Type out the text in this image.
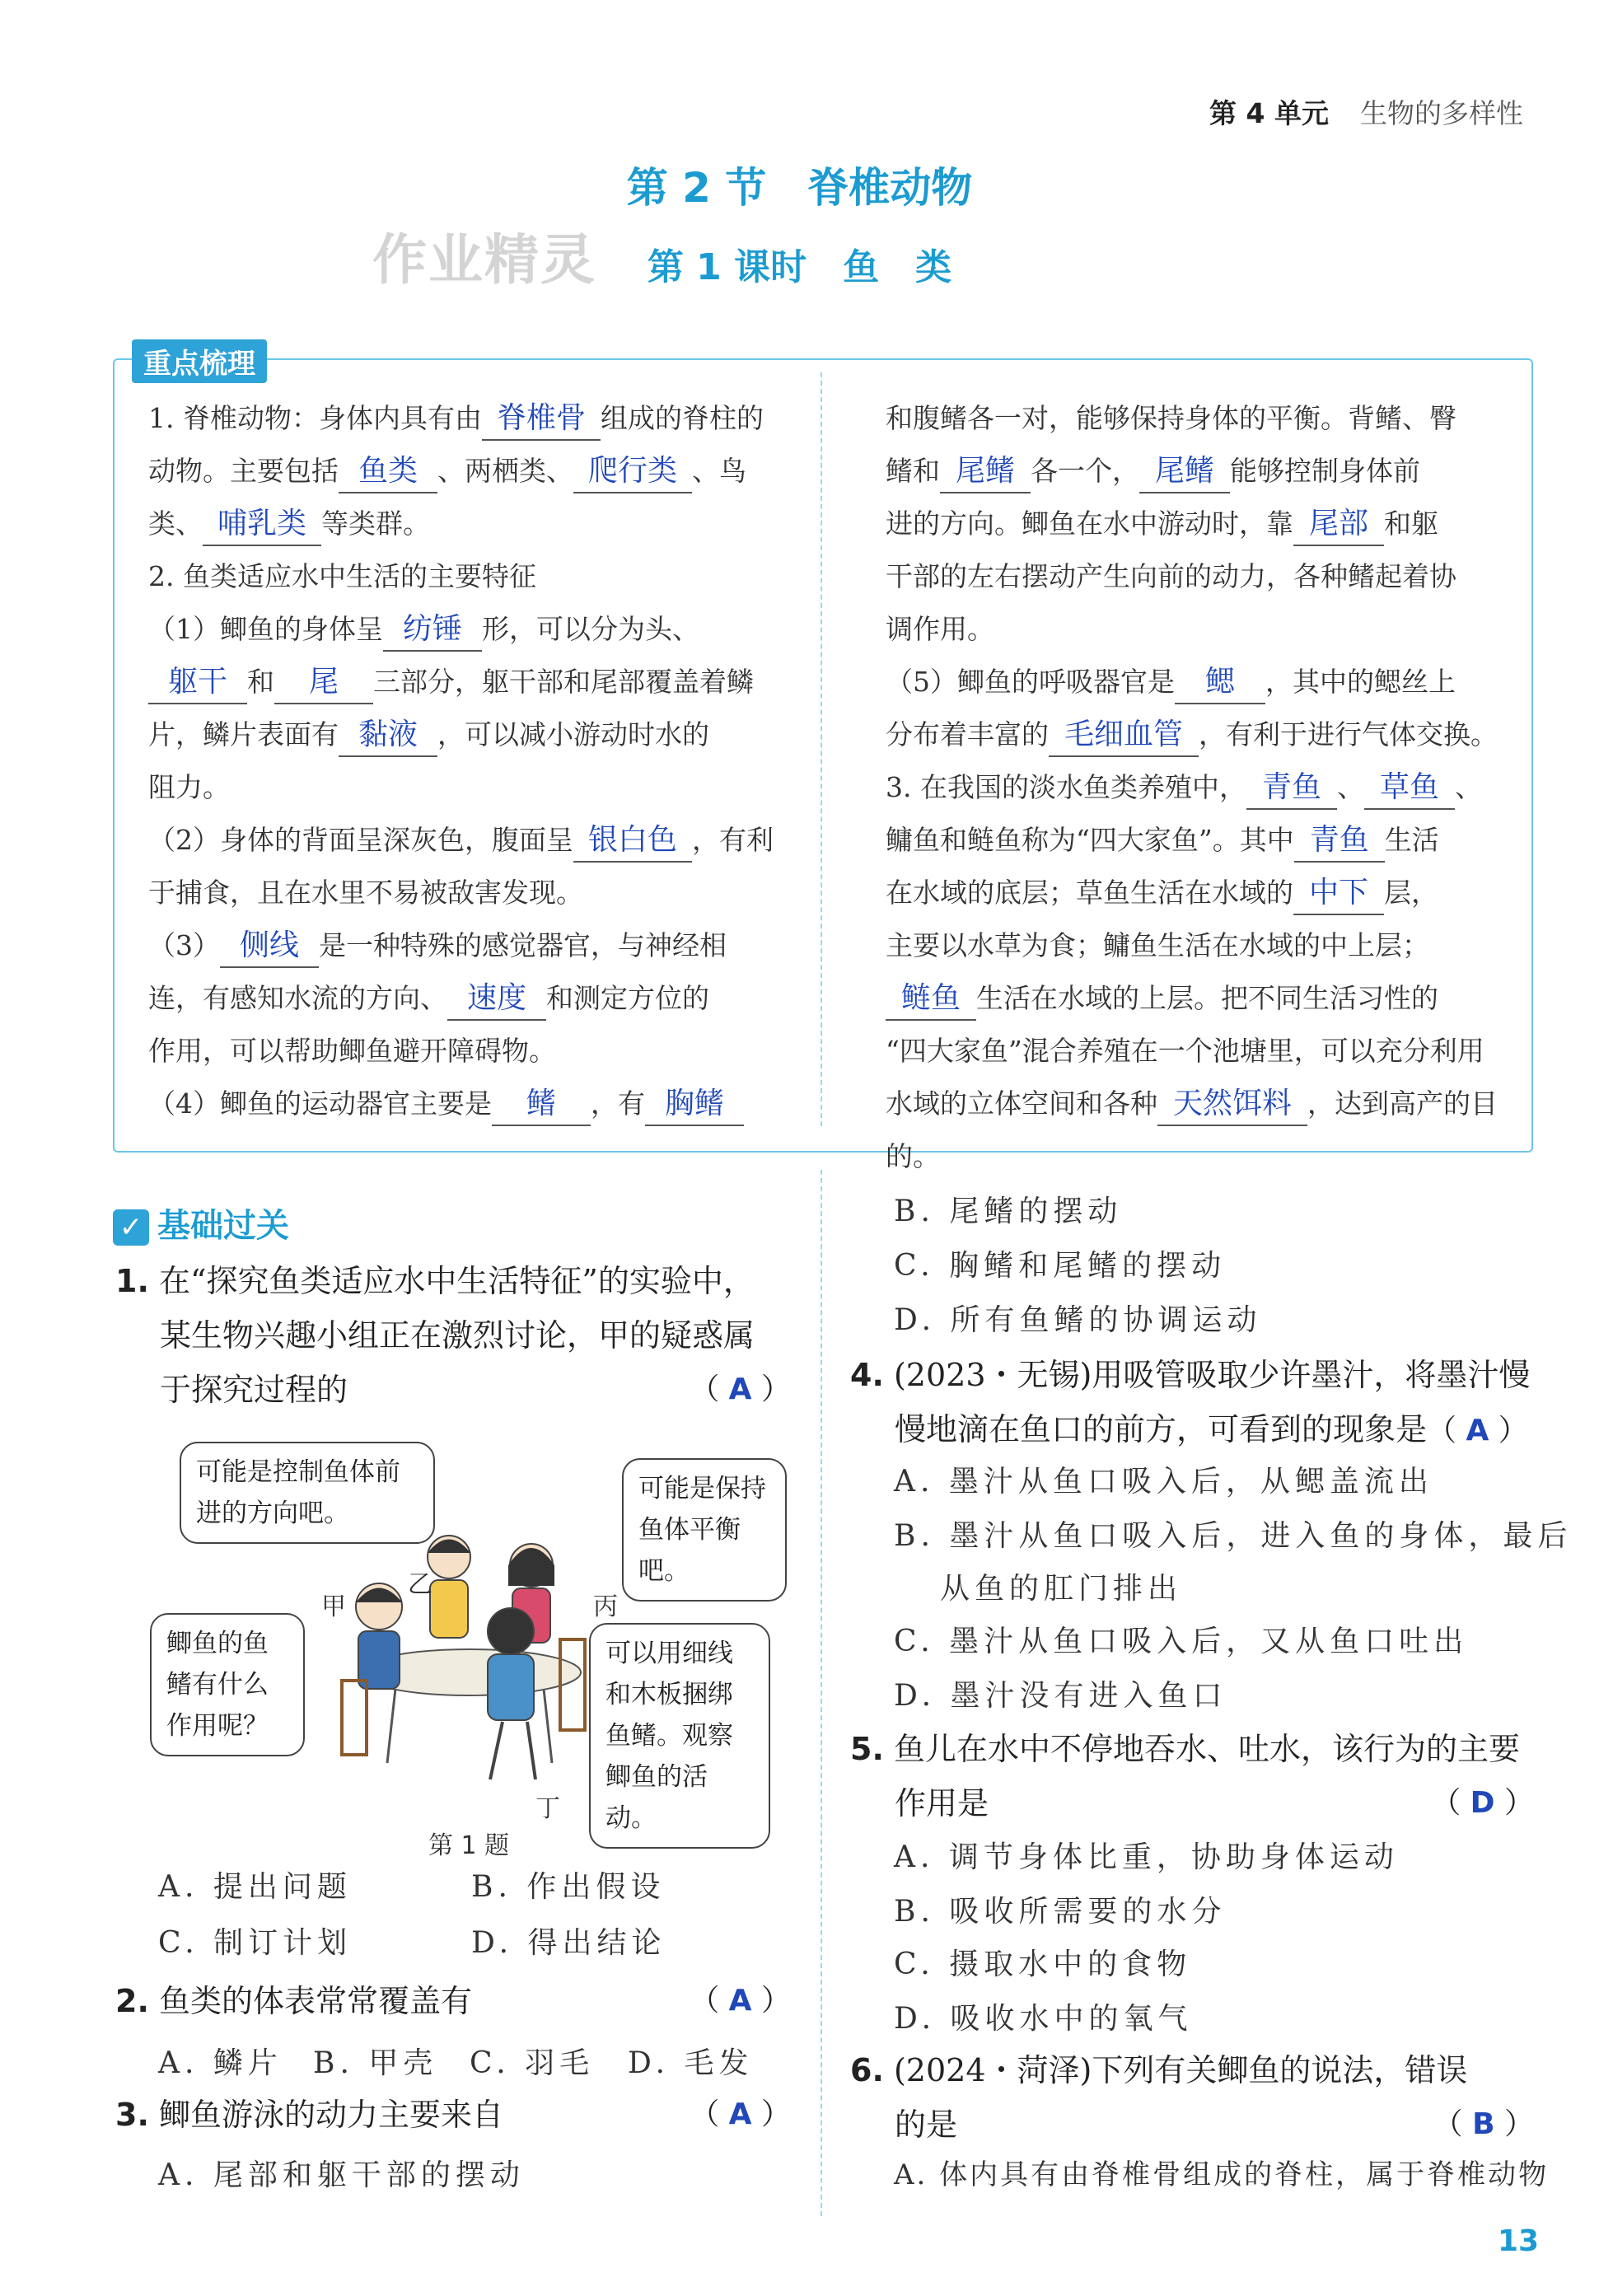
第 4 单元 生物的多样性
第 2 节　脊椎动物
作业精灵	第 1 课时　鱼　类
重点梳理
1. 脊椎动物：身体内具有由 脊椎骨 组成的脊柱的
动物。主要包括 鱼类 、两栖类、 爬行类 、鸟
类、 哺乳类 等类群。
2. 鱼类适应水中生活的主要特征
（1）鲫鱼的身体呈 纺锤 形，可以分为头、
躯干 和 尾 三部分，躯干部和尾部覆盖着鳞
片，鳞片表面有 黏液 ，可以减小游动时水的
阻力。
（2）身体的背面呈深灰色，腹面呈 银白色 ，有利
于捕食，且在水里不易被敌害发现。
（3） 侧线 是一种特殊的感觉器官，与神经相
连，有感知水流的方向、 速度 和测定方位的
作用，可以帮助鲫鱼避开障碍物。
（4）鲫鱼的运动器官主要是 鳍 ，有 胸鳍
和腹鳍各一对，能够保持身体的平衡。背鳍、臀
鳍和 尾鳍 各一个， 尾鳍 能够控制身体前
进的方向。鲫鱼在水中游动时，靠 尾部 和躯
干部的左右摆动产生向前的动力，各种鳍起着协
调作用。
（5）鲫鱼的呼吸器官是 鳃 ，其中的鳃丝上
分布着丰富的 毛细血管 ，有利于进行气体交换。
3. 在我国的淡水鱼类养殖中， 青鱼 、 草鱼 、
鳙鱼和鲢鱼称为“四大家鱼”。其中 青鱼 生活
在水域的底层；草鱼生活在水域的 中下 层，
主要以水草为食；鳙鱼生活在水域的中上层；
鲢鱼 生活在水域的上层。把不同生活习性的
“四大家鱼”混合养殖在一个池塘里，可以充分利用
水域的立体空间和各种 天然饵料 ，达到高产的目的。
✓ 基础过关
1. 在“探究鱼类适应水中生活特征”的实验中，
某生物兴趣小组正在激烈讨论，甲的疑惑属
于探究过程的	（ A ）
可能是控制鱼体前进的方向吧。
可能是保持鱼体平衡吧。
鲫鱼的鱼鳍有什么作用呢？
可以用细线和木板捆绑鱼鳍。观察鲫鱼的活动。
甲
乙
丙
丁
第 1 题
A. 提出问题	B. 作出假设
C. 制订计划	D. 得出结论
2. 鱼类的体表常常覆盖有	（ A ）
A. 鳞片 B. 甲壳 C. 羽毛 D. 毛发
3. 鲫鱼游泳的动力主要来自	（ A ）
A. 尾部和躯干部的摆动
B. 尾鳍的摆动
C. 胸鳍和尾鳍的摆动
D. 所有鱼鳍的协调运动
4. (2023・无锡)用吸管吸取少许墨汁，将墨汁慢
慢地滴在鱼口的前方，可看到的现象是（ A ）
A. 墨汁从鱼口吸入后，从鳃盖流出
B. 墨汁从鱼口吸入后，进入鱼的身体，最后
从鱼的肛门排出
C. 墨汁从鱼口吸入后，又从鱼口吐出
D. 墨汁没有进入鱼口
5. 鱼儿在水中不停地吞水、吐水，该行为的主要
作用是	（ D ）
A. 调节身体比重，协助身体运动
B. 吸收所需要的水分
C. 摄取水中的食物
D. 吸收水中的氧气
6. (2024・菏泽)下列有关鲫鱼的说法，错误
的是	（ B ）
A. 体内具有由脊椎骨组成的脊柱，属于脊椎动物
13
